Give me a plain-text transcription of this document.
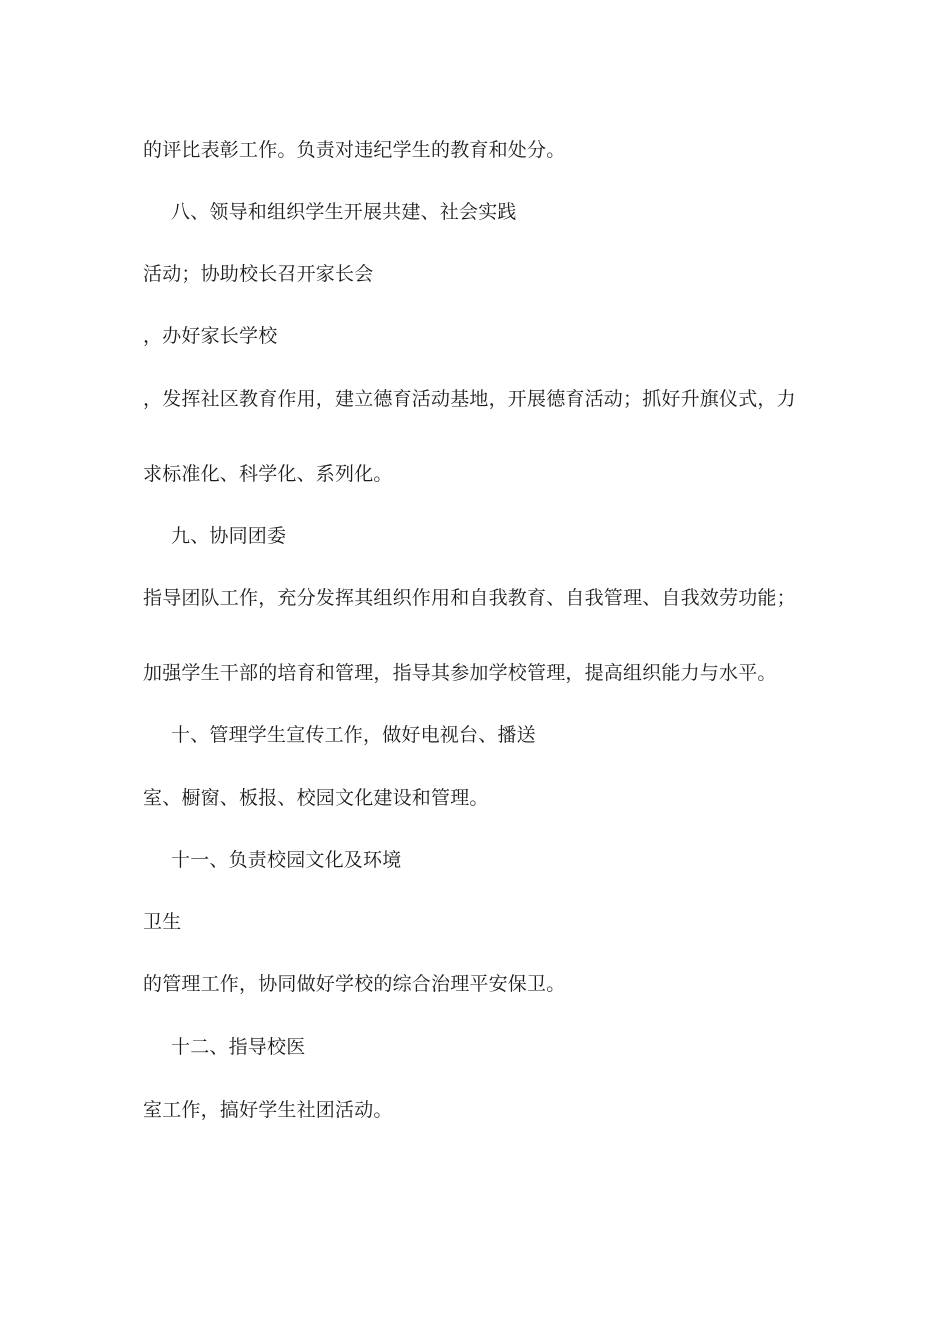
的评比表彰工作。负责对违纪学生的教育和处分。
八、领导和组织学生开展共建、社会实践
活动；协助校长召开家长会
，办好家长学校
，发挥社区教育作用，建立德育活动基地，开展德育活动；抓好升旗仪式，力
求标准化、科学化、系列化。
九、协同团委
指导团队工作，充分发挥其组织作用和自我教育、自我管理、自我效劳功能；
加强学生干部的培育和管理，指导其参加学校管理，提高组织能力与水平。
十、管理学生宣传工作，做好电视台、播送
室、橱窗、板报、校园文化建设和管理。
十一、负责校园文化及环境
卫生
的管理工作，协同做好学校的综合治理平安保卫。
十二、指导校医
室工作，搞好学生社团活动。
